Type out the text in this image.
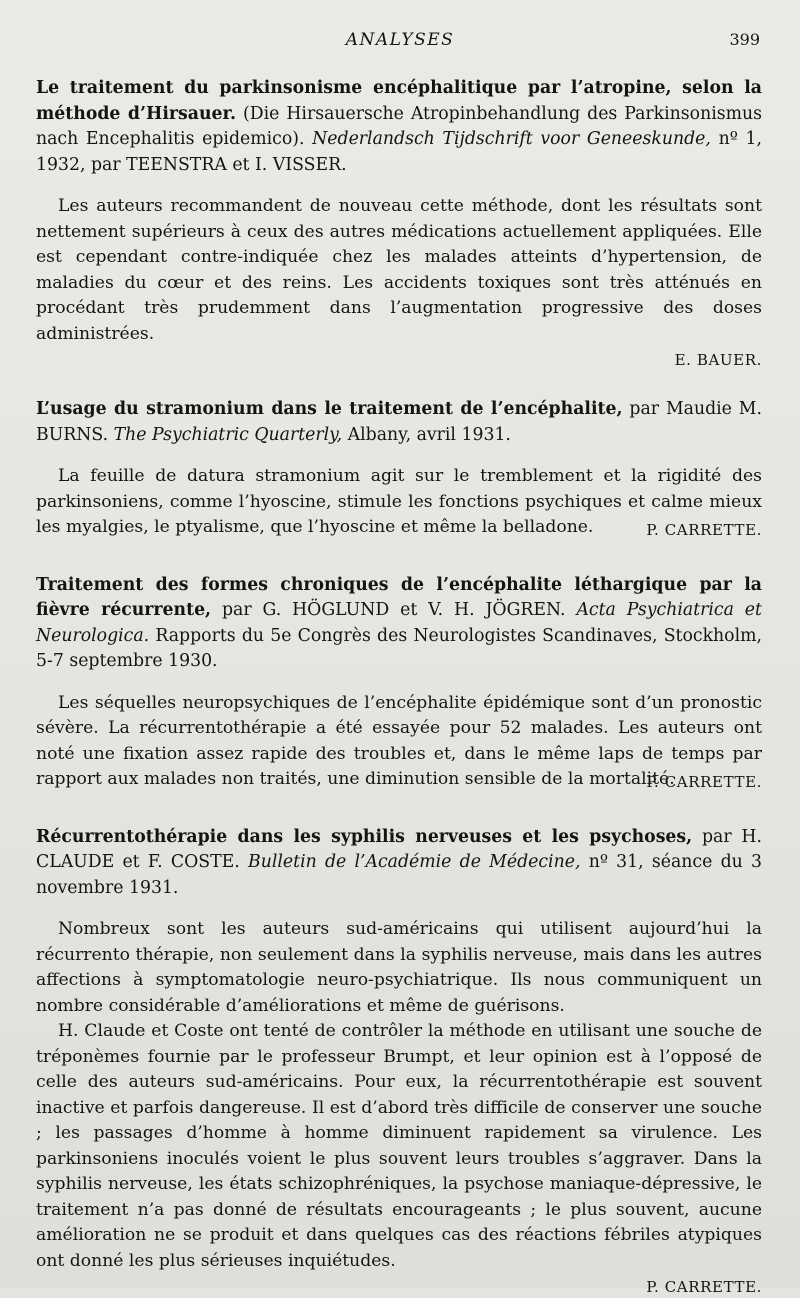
ANALYSES	399

Le traitement du parkinsonisme encéphalitique par l’atropine, selon la méthode d’Hirsauer. (Die Hirsauersche Atropinbehandlung des Parkinsonismus nach Encephalitis epidemico). Nederlandsch Tijdschrift voor Geneeskunde, nº 1, 1932, par TEENSTRA et I. VISSER.

Les auteurs recommandent de nouveau cette méthode, dont les résultats sont nettement supérieurs à ceux des autres médications actuellement appliquées. Elle est cependant contre-indiquée chez les malades atteints d’hypertension, de maladies du cœur et des reins. Les accidents toxiques sont très atténués en procédant très prudemment dans l’augmentation progressive des doses administrées.

E. BAUER.

L’usage du stramonium dans le traitement de l’encéphalite, par Maudie M. BURNS. The Psychiatric Quarterly, Albany, avril 1931.

La feuille de datura stramonium agit sur le tremblement et la rigidité des parkinsoniens, comme l’hyoscine, stimule les fonctions psychiques et calme mieux les myalgies, le ptyalisme, que l’hyoscine et même la belladone.	P. CARRETTE.

Traitement des formes chroniques de l’encéphalite léthargique par la fièvre récurrente, par G. HÖGLUND et V. H. JÖGREN. Acta Psychiatrica et Neurologica. Rapports du 5e Congrès des Neurologistes Scandinaves, Stockholm, 5-7 septembre 1930.

Les séquelles neuropsychiques de l’encéphalite épidémique sont d’un pronostic sévère. La récurrentothérapie a été essayée pour 52 malades. Les auteurs ont noté une fixation assez rapide des troubles et, dans le même laps de temps par rapport aux malades non traités, une diminution sensible de la mortalité.

P. CARRETTE.

Récurrentothérapie dans les syphilis nerveuses et les psychoses, par H. CLAUDE et F. COSTE. Bulletin de l’Académie de Médecine, nº 31, séance du 3 novembre 1931.

Nombreux sont les auteurs sud-américains qui utilisent aujourd’hui la récurrento thérapie, non seulement dans la syphilis nerveuse, mais dans les autres affections à symptomatologie neuro-psychiatrique. Ils nous communiquent un nombre considérable d’améliorations et même de guérisons.

H. Claude et Coste ont tenté de contrôler la méthode en utilisant une souche de tréponèmes fournie par le professeur Brumpt, et leur opinion est à l’opposé de celle des auteurs sud-américains. Pour eux, la récurrentothérapie est souvent inactive et parfois dangereuse. Il est d’abord très difficile de conserver une souche ; les passages d’homme à homme diminuent rapidement sa virulence. Les parkinsoniens inoculés voient le plus souvent leurs troubles s’aggraver. Dans la syphilis nerveuse, les états schizophréniques, la psychose maniaque-dépressive, le traitement n’a pas donné de résultats encourageants ; le plus souvent, aucune amélioration ne se produit et dans quelques cas des réactions fébriles atypiques ont donné les plus sérieuses inquiétudes.

P. CARRETTE.
